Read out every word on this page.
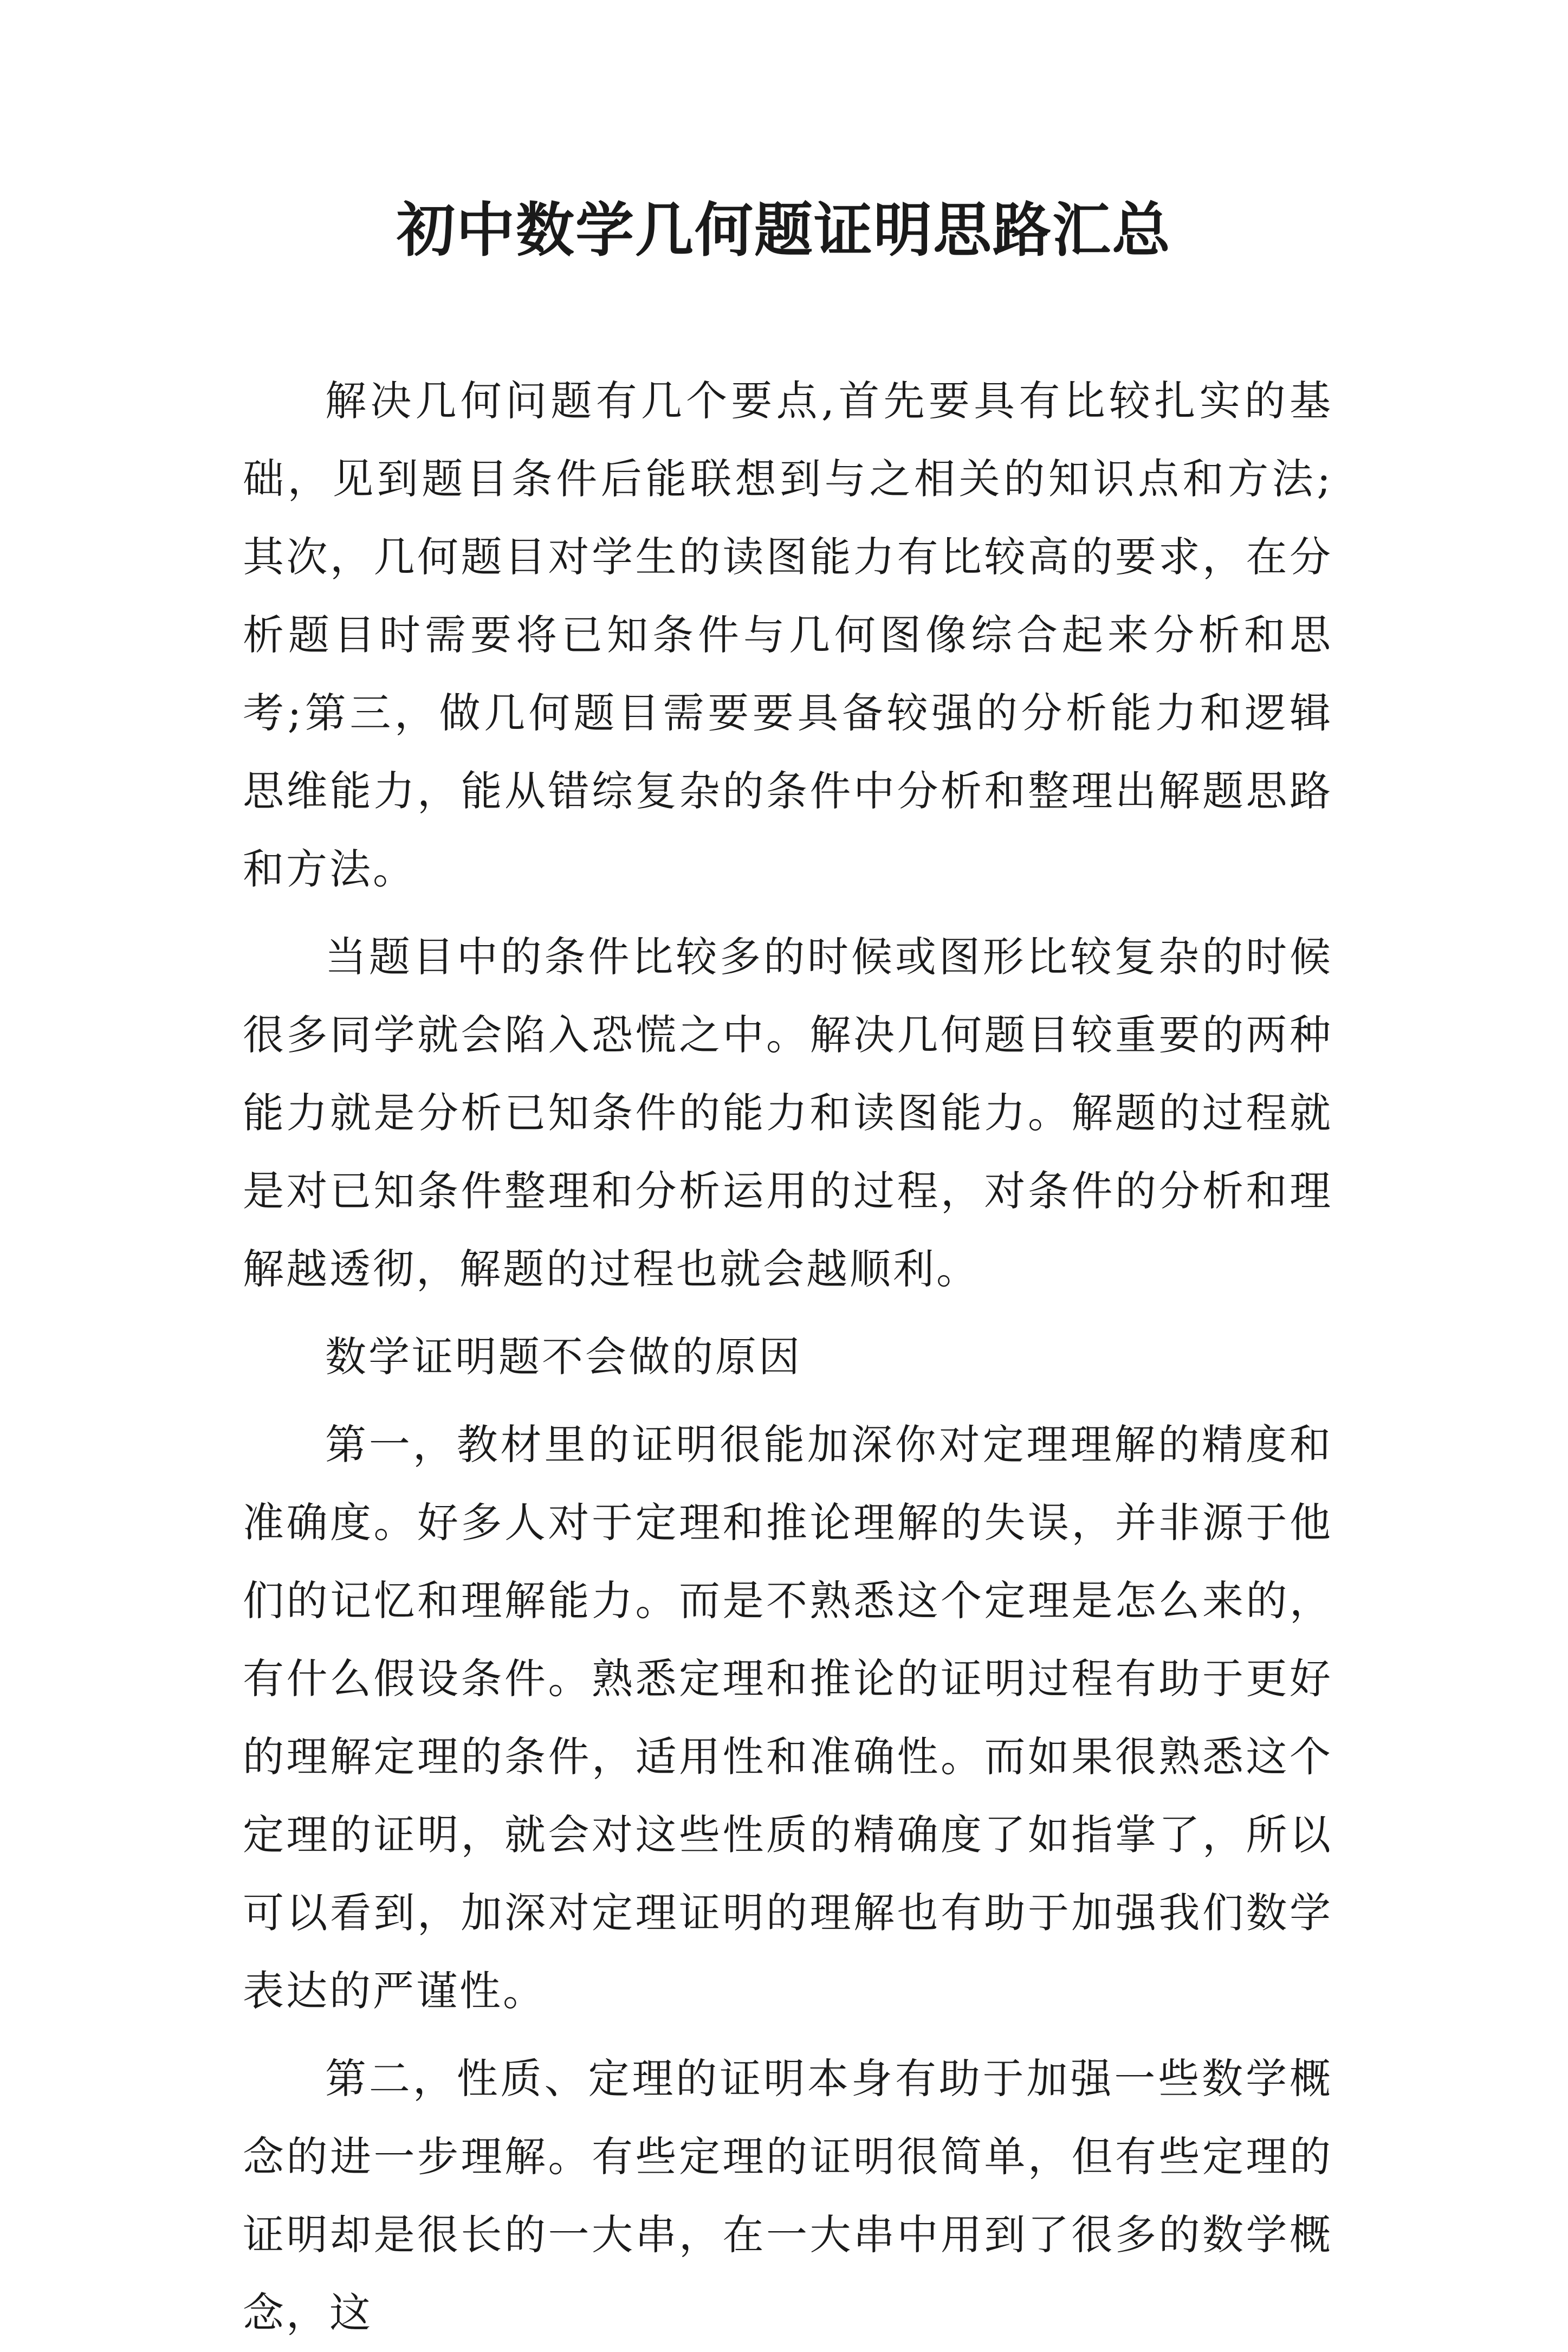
初中数学几何题证明思路汇总

解决几何问题有几个要点,首先要具有比较扎实的基础，见到题目条件后能联想到与之相关的知识点和方法;其次，几何题目对学生的读图能力有比较高的要求，在分析题目时需要将已知条件与几何图像综合起来分析和思考;第三，做几何题目需要要具备较强的分析能力和逻辑思维能力，能从错综复杂的条件中分析和整理出解题思路和方法。

当题目中的条件比较多的时候或图形比较复杂的时候很多同学就会陷入恐慌之中。解决几何题目较重要的两种能力就是分析已知条件的能力和读图能力。解题的过程就是对已知条件整理和分析运用的过程，对条件的分析和理解越透彻，解题的过程也就会越顺利。

数学证明题不会做的原因

第一，教材里的证明很能加深你对定理理解的精度和准确度。好多人对于定理和推论理解的失误，并非源于他们的记忆和理解能力。而是不熟悉这个定理是怎么来的，有什么假设条件。熟悉定理和推论的证明过程有助于更好的理解定理的条件，适用性和准确性。而如果很熟悉这个定理的证明，就会对这些性质的精确度了如指掌了，所以可以看到，加深对定理证明的理解也有助于加强我们数学表达的严谨性。

第二，性质、定理的证明本身有助于加强一些数学概念的进一步理解。有些定理的证明很简单，但有些定理的证明却是很长的一大串，在一大串中用到了很多的数学概念，这
